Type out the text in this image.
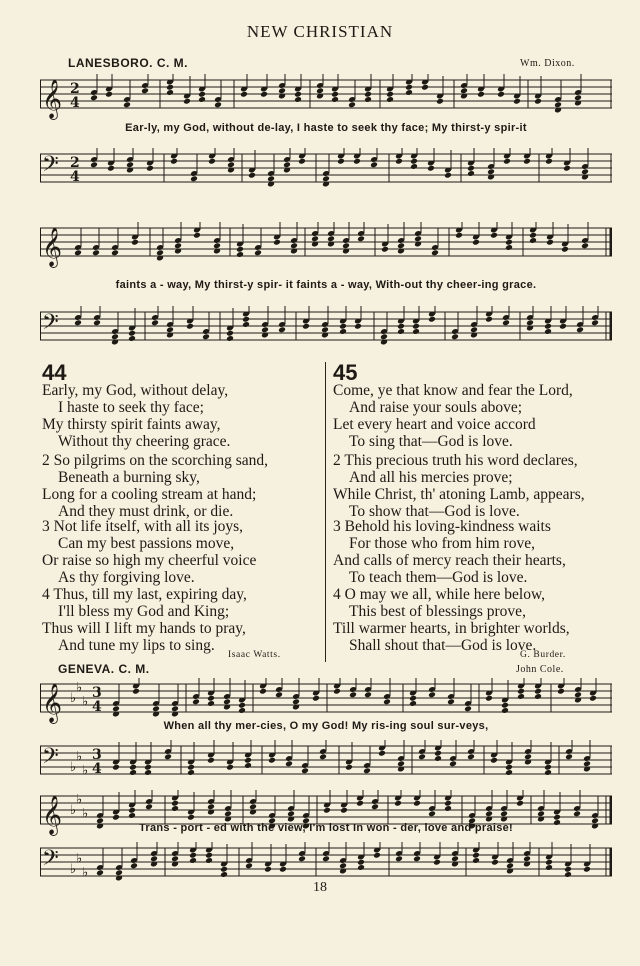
NEW CHRISTIAN
LANESBORO. C. M.	Wm. Dixon.
𝄞 2
4
Ear-ly, my God, without de-lay, I haste to seek thy face; My thirst-y spir-it
𝄢 2
4
𝄞
faints a - way, My thirst-y spir- it faints a - way, With-out thy cheer-ing grace.
𝄢
44	45
Early, my God, without delay,
I haste to seek thy face;
My thirsty spirit faints away,
Without thy cheering grace.
2 So pilgrims on the scorching sand,
Beneath a burning sky,
Long for a cooling stream at hand;
And they must drink, or die.
3 Not life itself, with all its joys,
Can my best passions move,
Or raise so high my cheerful voice
As thy forgiving love.
4 Thus, till my last, expiring day,
I'll bless my God and King;
Thus will I lift my hands to pray,
And tune my lips to sing.
Isaac Watts.
Come, ye that know and fear the Lord,
And raise your souls above;
Let every heart and voice accord
To sing that—God is love.
2 This precious truth his word declares,
And all his mercies prove;
While Christ, th' atoning Lamb, appears,
To show that—God is love.
3 Behold his loving-kindness waits
For those who from him rove,
And calls of mercy reach their hearts,
To teach them—God is love.
4 O may we all, while here below,
This best of blessings prove,
Till warmer hearts, in brighter worlds,
Shall shout that—God is love.
G. Burder.
GENEVA. C. M.	John Cole.
𝄞 ♭
♭
♭
3
4
When all thy mer-cies, O my God! My ris-ing soul sur-veys,
𝄢 ♭
♭
♭
3
4
𝄞 ♭
♭
♭
Trans - port - ed with the view, I'm lost In won - der, love and praise!
𝄢 ♭
♭
♭
18
